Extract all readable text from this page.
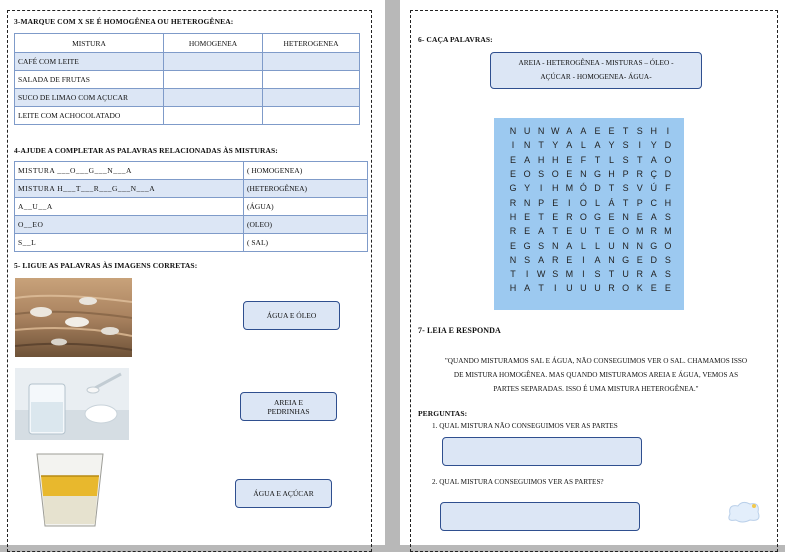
3-MARQUE COM X SE É HOMOGÊNEA OU HETEROGÊNEA:
MISTURA	HOMOGENEA	HETEROGENEA
CAFÉ COM LEITE		
SALADA DE FRUTAS		
SUCO DE LIMAO COM AÇUCAR		
LEITE COM ACHOCOLATADO		
4-AJUDE A COMPLETAR AS PALAVRAS RELACIONADAS ÀS MISTURAS:
MISTURA ___O___G___N___A	( HOMOGENEA)
MISTURA H___T___R___G___N___A	(HETEROGÊNEA)
A__U__A	(ÁGUA)
O__EO	(OLEO)
S__L	( SAL)
5- LIGUE AS PALAVRAS ÀS IMAGENS CORRETAS:
ÁGUA E ÓLEO
AREIA E PEDRINHAS
ÁGUA E AÇÚCAR
6- CAÇA PALAVRAS:
AREIA - HETEROGÊNEA - MISTURAS – ÓLEO -
AÇÚCAR - HOMOGENEA- ÁGUA-
N U N W A A E E T S H	I
I	N T Y A L A Y S	I	Y D
E A H H E F T L S T A O
E O S O E N G H P R Ç D
G Y	I	H M Ó D T S V Ú F
R N P E	I	O L Á T P C H
H E T E R O G E N E A S
R E A T E U T E O M R M
E G S N A L	L U N N G O
N S A R E	I	A N G E D S
T	I W S M	I	S T U R A S
H A T	I	U U U R O K E E
7- LEIA E RESPONDA
"QUANDO MISTURAMOS SAL E ÁGUA, NÃO CONSEGUIMOS VER O SAL. CHAMAMOS ISSO
DE MISTURA HOMOGÊNEA. MAS QUANDO MISTURAMOS AREIA E ÁGUA, VEMOS AS
PARTES SEPARADAS. ISSO É UMA MISTURA HETEROGÊNEA."
PERGUNTAS:
1. QUAL MISTURA NÃO CONSEGUIMOS VER AS PARTES
2. QUAL MISTURA CONSEGUIMOS VER AS PARTES?
